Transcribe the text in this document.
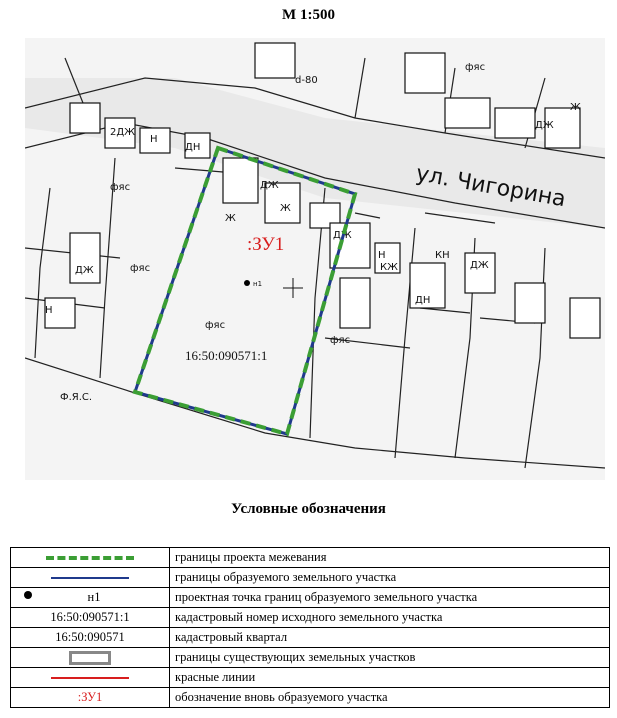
М 1:500
фяс
фяс
фяс
фяс
фяс
ДЖ
ДЖ
ДЖ
ДЖ
ДЖ
Ж
Ж
Ж
Н
Н
Н
ДН
ДН
КЖ
КН
Ф.Я.С.
d-80
2ДЖ
ул. Чигорина
н1
:ЗУ1
16:50:090571:1
Условные обозначения
	границы проекта межевания
	границы образуемого земельного участка
н1	проектная точка границ образуемого земельного участка
16:50:090571:1	кадастровый номер исходного земельного участка
16:50:090571	кадастровый квартал
	границы существующих земельных участков
	красные линии
:ЗУ1	обозначение вновь образуемого участка
